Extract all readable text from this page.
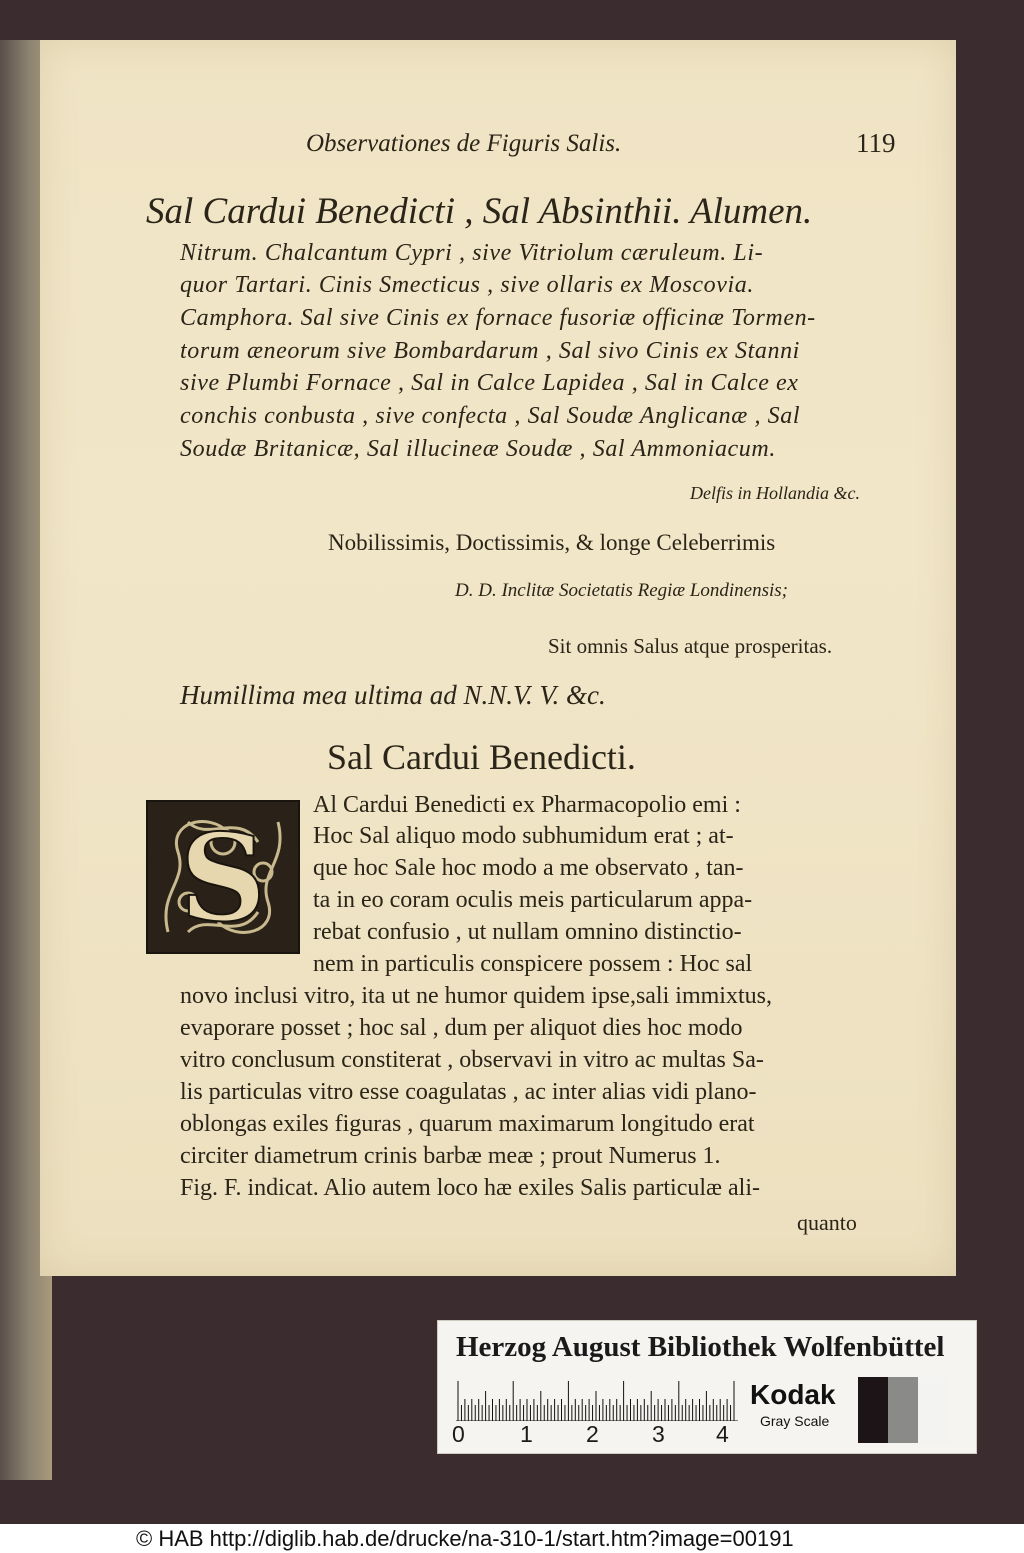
Observationes de Figuris Salis.	119
Sal Cardui Benedicti , Sal Absinthii. Alumen.
Nitrum. Chalcantum Cypri , sive Vitriolum cæruleum. Li-
quor Tartari. Cinis Smecticus , sive ollaris ex Moscovia.
Camphora. Sal sive Cinis ex fornace fusoriæ officinæ Tormen-
torum æneorum sive Bombardarum , Sal sivo Cinis ex Stanni
sive Plumbi Fornace , Sal in Calce Lapidea , Sal in Calce ex
conchis conbusta , sive confecta , Sal Soudæ Anglicanæ , Sal
Soudæ Britanicæ, Sal illucineæ Soudæ , Sal Ammoniacum.
Delfis in Hollandia &c.
Nobilissimis, Doctissimis, & longe Celeberrimis
D. D. Inclitæ Societatis Regiæ Londinensis;
Sit omnis Salus atque prosperitas.
Humillima mea ultima ad N.N.V. V. &c.
Sal Cardui Benedicti.
S
Al Cardui Benedicti ex Pharmacopolio emi :
Hoc Sal aliquo modo subhumidum erat ; at-
que hoc Sale hoc modo a me observato , tan-
ta in eo coram oculis meis particularum appa-
rebat confusio , ut nullam omnino distinctio-
nem in particulis conspicere possem : Hoc sal
novo inclusi vitro, ita ut ne humor quidem ipse,sali immixtus,
evaporare posset ; hoc sal , dum per aliquot dies hoc modo
vitro conclusum constiterat , observavi in vitro ac multas Sa-
lis particulas vitro esse coagulatas , ac inter alias vidi plano-
oblongas exiles figuras , quarum maximarum longitudo erat
circiter diametrum crinis barbæ meæ ; prout Numerus 1.
Fig. F. indicat. Alio autem loco hæ exiles Salis particulæ ali-
quanto
Herzog August Bibliothek Wolfenbüttel
0 1 2 3 4
Kodak
Gray Scale
© HAB http://diglib.hab.de/drucke/na-310-1/start.htm?image=00191
